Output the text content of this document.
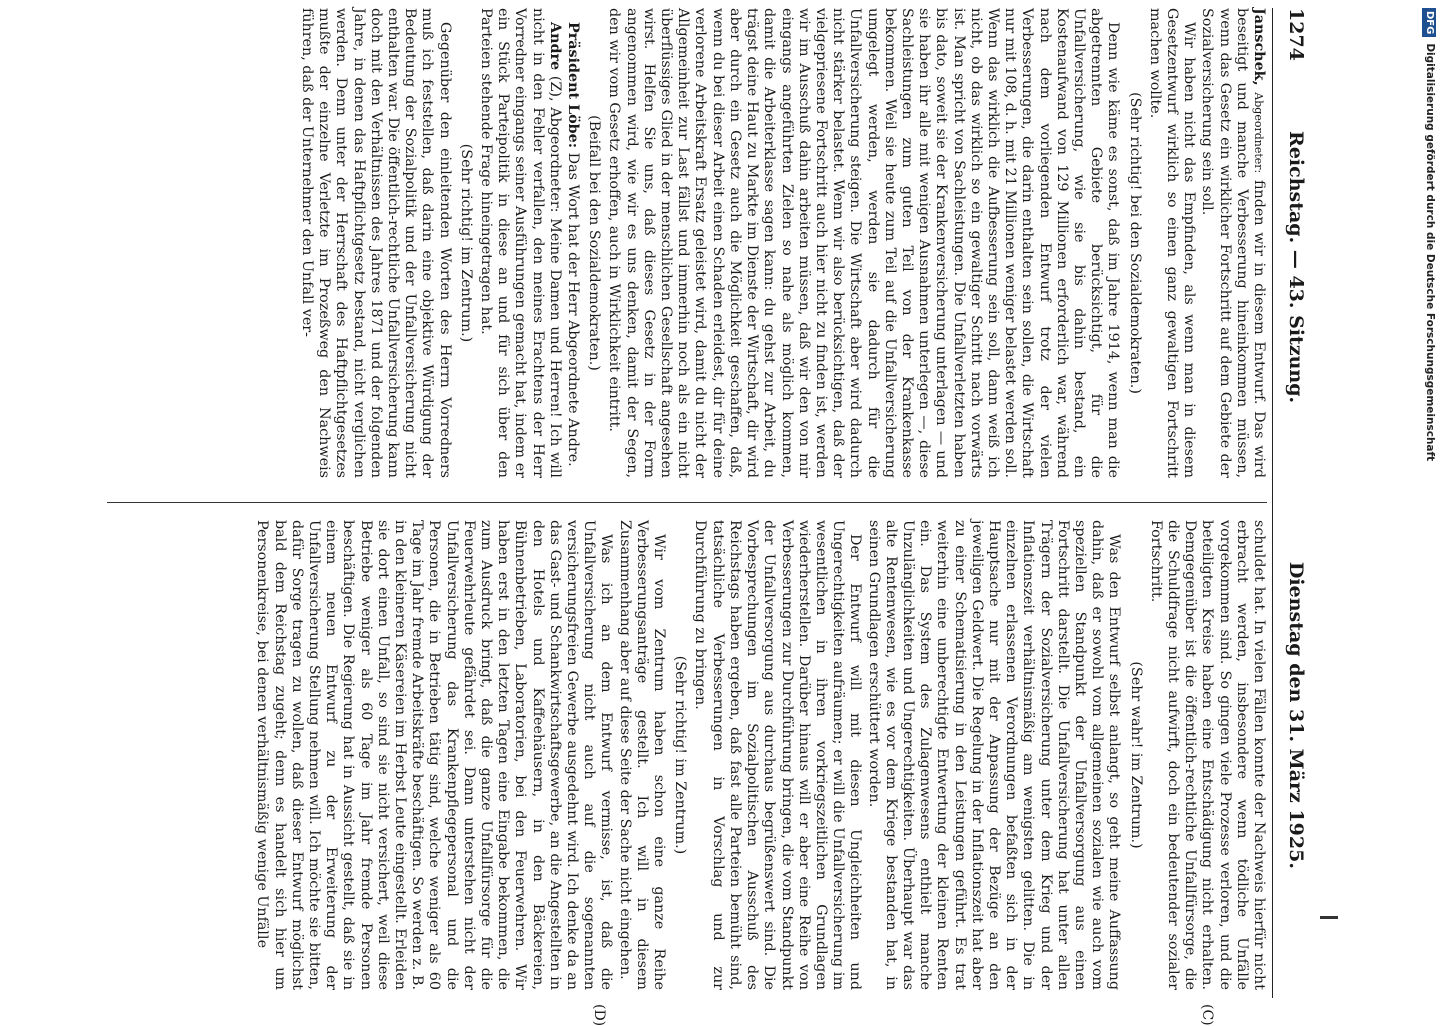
1274
Reichstag. — 43. Sitzung.                        Dienstag den 31. März 1925.
(C)
(D)

Janschek, Abgeordneter: finden wir in diesem Entwurf. Das wird beseitigt und manche Verbesserung hineinkommen müssen, wenn das Gesetz ein wirklicher Fortschritt auf dem Gebiete der Sozialversicherung sein soll.

Wir haben nicht das Empfinden, als wenn man in diesem Gesetzentwurf wirklich so einen ganz gewaltigen Fortschritt machen wollte.

(Sehr richtig! bei den Sozialdemokraten.)

Denn wie käme es sonst, daß im Jahre 1914, wenn man die abgetrennten Gebiete berücksichtigt, für die Unfallversicherung, wie sie bis dahin bestand, ein Kostenaufwand von 129 Millionen erforderlich war, während nach dem vorliegenden Entwurf trotz der vielen Verbesserungen, die darin enthalten sein sollen, die Wirtschaft nur mit 108, d. h. mit 21 Millionen weniger belastet werden soll. Wenn das wirklich die Aufbesserung sein soll, dann weiß ich nicht, ob das wirklich so ein gewaltiger Schritt nach vorwärts ist. Man spricht von Sachleistungen. Die Unfallverletzten haben bis dato, soweit sie der Krankenversicherung unterlagen — und sie haben ihr alle mit wenigen Ausnahmen unterlegen —, diese Sachleistungen zum guten Teil von der Krankenkasse bekommen. Weil sie heute zum Teil auf die Unfallversicherung umgelegt werden, werden sie dadurch für die Unfallversicherung steigen. Die Wirtschaft aber wird dadurch nicht stärker belastet. Wenn wir also berücksichtigen, daß der vielgepriesene Fortschritt auch hier nicht zu finden ist, werden wir im Ausschuß dahin arbeiten müssen, daß wir den von mir eingangs angeführten Zielen so nahe als möglich kommen, damit die Arbeiterklasse sagen kann: du gehst zur Arbeit, du trägst deine Haut zu Markte im Dienste der Wirtschaft, dir wird aber durch ein Gesetz auch die Möglichkeit geschaffen, daß, wenn du bei dieser Arbeit einen Schaden erleidest, dir für deine verlorene Arbeitskraft Ersatz geleistet wird, damit du nicht der Allgemeinheit zur Last fällst und immerhin noch als ein nicht überflüssiges Glied in der menschlichen Gesellschaft angesehen wirst. Helfen Sie uns, daß dieses Gesetz in der Form angenommen wird, wie wir es uns denken, damit der Segen, den wir vom Gesetz erhoffen, auch in Wirklichkeit eintritt.

(Beifall bei den Sozialdemokraten.)

Präsident Löbe: Das Wort hat der Herr Abgeordnete Andre.

Andre (Z), Abgeordneter: Meine Damen und Herren! Ich will nicht in den Fehler verfallen, den meines Erachtens der Herr Vorredner eingangs seiner Ausführungen gemacht hat, indem er ein Stück Parteipolitik in diese an und für sich über den Parteien stehende Frage hineingetragen hat.

(Sehr richtig! im Zentrum.)

Gegenüber den einleitenden Worten des Herrn Vorredners muß ich feststellen, daß darin eine objektive Würdigung der Bedeutung der Sozialpolitik und der Unfallversicherung nicht enthalten war. Die öffentlich-rechtliche Unfallversicherung kann doch mit den Verhältnissen des Jahres 1871 und der folgenden Jahre, in denen das Haftpflichtgesetz bestand, nicht verglichen werden. Denn unter der Herrschaft des Haftpflichtgesetzes mußte der einzelne Verletzte im Prozeßweg den Nachweis führen, daß der Unternehmer den Unfall ver-

schuldet hat. In vielen Fällen konnte der Nachweis hierfür nicht erbracht werden, insbesondere wenn tödliche Unfälle vorgekommen sind. So gingen viele Prozesse verloren, und die beteiligten Kreise haben eine Entschädigung nicht erhalten. Demgegenüber ist die öffentlich-rechtliche Unfallfürsorge, die die Schuldfrage nicht aufwirft, doch ein bedeutender sozialer Fortschritt.

(Sehr wahr! im Zentrum.)

Was den Entwurf selbst anlangt, so geht meine Auffassung dahin, daß er sowohl vom allgemeinen sozialen wie auch vom speziellen Standpunkt der Unfallversorgung aus einen Fortschritt darstellt. Die Unfallversicherung hat unter allen Trägern der Sozialversicherung unter dem Krieg und der Inflationszeit verhältnismäßig am wenigsten gelitten. Die in einzelnen erlassenen Verordnungen befaßten sich in der Hauptsache nur mit der Anpassung der Bezüge an den jeweiligen Geldwert. Die Regelung in der Inflationszeit hat aber zu einer Schematisierung in den Leistungen geführt. Es trat weiterhin eine unberechtigte Entwertung der kleinen Renten ein. Das System des Zulagenwesens enthielt manche Unzulänglichkeiten und Ungerechtigkeiten. Überhaupt war das alte Rentenwesen, wie es vor dem Kriege bestanden hat, in seinen Grundlagen erschüttert worden.

Der Entwurf will mit diesen Ungleichheiten und Ungerechtigkeiten aufräumen; er will die Unfallversicherung im wesentlichen in ihren vorkriegszeitlichen Grundlagen wiederherstellen. Darüber hinaus will er aber eine Reihe von Verbesserungen zur Durchführung bringen, die vom Standpunkt der Unfallversorgung aus durchaus begrüßenswert sind. Die Vorbesprechungen im Sozialpolitischen Ausschuß des Reichstags haben ergeben, daß fast alle Parteien bemüht sind, tatsächliche Verbesserungen in Vorschlag und zur Durchführung zu bringen.

(Sehr richtig! im Zentrum.)

Wir vom Zentrum haben schon eine ganze Reihe Verbesserungsanträge gestellt. Ich will in diesem Zusammenhang aber auf diese Seite der Sache nicht eingehen.

Was ich an dem Entwurf vermisse, ist, daß die Unfallversicherung nicht auch auf die sogenannten versicherungsfreien Gewerbe ausgedehnt wird. Ich denke da an das Gast- und Schankwirtschaftsgewerbe, an die Angestellten in den Hotels und Kaffeehäusern, in den Bäckereien, Bühnenbetrieben, Laboratorien, bei den Feuerwehren. Wir haben erst in den letzten Tagen eine Eingabe bekommen, die zum Ausdruck bringt, daß die ganze Unfallfürsorge für die Feuerwehrleute gefährdet sei. Dann unterstehen nicht der Unfallversicherung das Krankenpflegepersonal und die Personen, die in Betrieben tätig sind, welche weniger als 60 Tage im Jahr fremde Arbeitskräfte beschäftigen. So werden z. B. in den kleineren Käsereien im Herbst Leute eingestellt. Erleiden sie dort einen Unfall, so sind sie nicht versichert, weil diese Betriebe weniger als 60 Tage im Jahr fremde Personen beschäftigen. Die Regierung hat in Aussicht gestellt, daß sie in einem neuen Entwurf zu der Erweiterung der Unfallversicherung Stellung nehmen will. Ich möchte sie bitten, dafür Sorge tragen zu wollen, daß dieser Entwurf möglichst bald dem Reichstag zugeht; denn es handelt sich hier um Personenkreise, bei denen verhältnismäßig wenige Unfälle

DFGDigitalisierung gefördert durch die Deutsche Forschungsgemeinschaft
